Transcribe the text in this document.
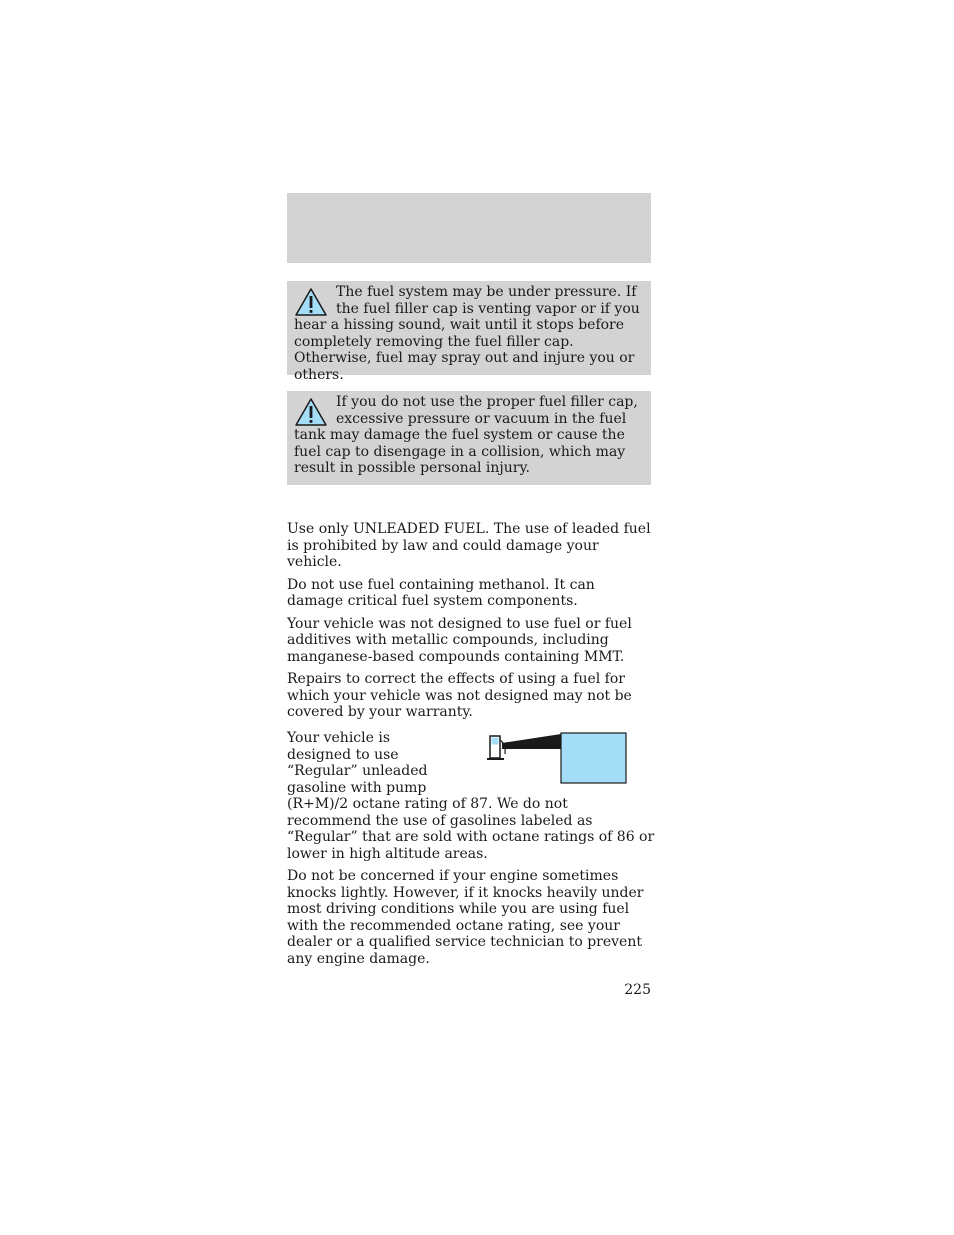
The fuel system may be under pressure. If the fuel filler cap is venting vapor or if you hear a hissing sound, wait until it stops before completely removing the fuel filler cap. Otherwise, fuel may spray out and injure you or others.

If you do not use the proper fuel filler cap, excessive pressure or vacuum in the fuel tank may damage the fuel system or cause the fuel cap to disengage in a collision, which may result in possible personal injury.

Use only UNLEADED FUEL. The use of leaded fuel is prohibited by law and could damage your vehicle.

Do not use fuel containing methanol. It can damage critical fuel system components.

Your vehicle was not designed to use fuel or fuel additives with metallic compounds, including manganese-based compounds containing MMT.

Repairs to correct the effects of using a fuel for which your vehicle was not designed may not be covered by your warranty.

Your vehicle is designed to use “Regular” unleaded gasoline with pump

(R+M)/2 octane rating of 87. We do not recommend the use of gasolines labeled as “Regular” that are sold with octane ratings of 86 or lower in high altitude areas.

Do not be concerned if your engine sometimes knocks lightly. However, if it knocks heavily under most driving conditions while you are using fuel with the recommended octane rating, see your dealer or a qualified service technician to prevent any engine damage.

225
